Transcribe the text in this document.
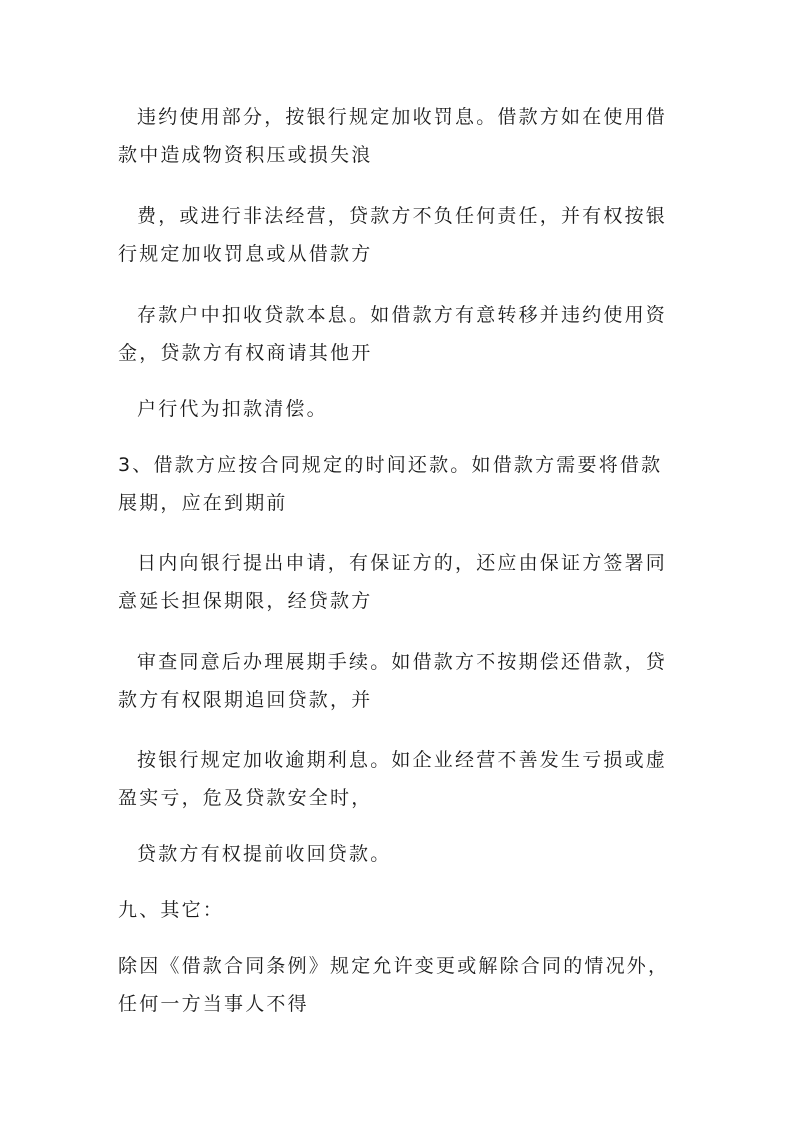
违约使用部分，按银行规定加收罚息。借款方如在使用借
款中造成物资积压或损失浪
费，或进行非法经营，贷款方不负任何责任，并有权按银
行规定加收罚息或从借款方
存款户中扣收贷款本息。如借款方有意转移并违约使用资
金，贷款方有权商请其他开
户行代为扣款清偿。
3、借款方应按合同规定的时间还款。如借款方需要将借款
展期，应在到期前
日内向银行提出申请，有保证方的，还应由保证方签署同
意延长担保期限，经贷款方
审查同意后办理展期手续。如借款方不按期偿还借款，贷
款方有权限期追回贷款，并
按银行规定加收逾期利息。如企业经营不善发生亏损或虚
盈实亏，危及贷款安全时，
贷款方有权提前收回贷款。
九、其它：
除因《借款合同条例》规定允许变更或解除合同的情况外，
任何一方当事人不得
